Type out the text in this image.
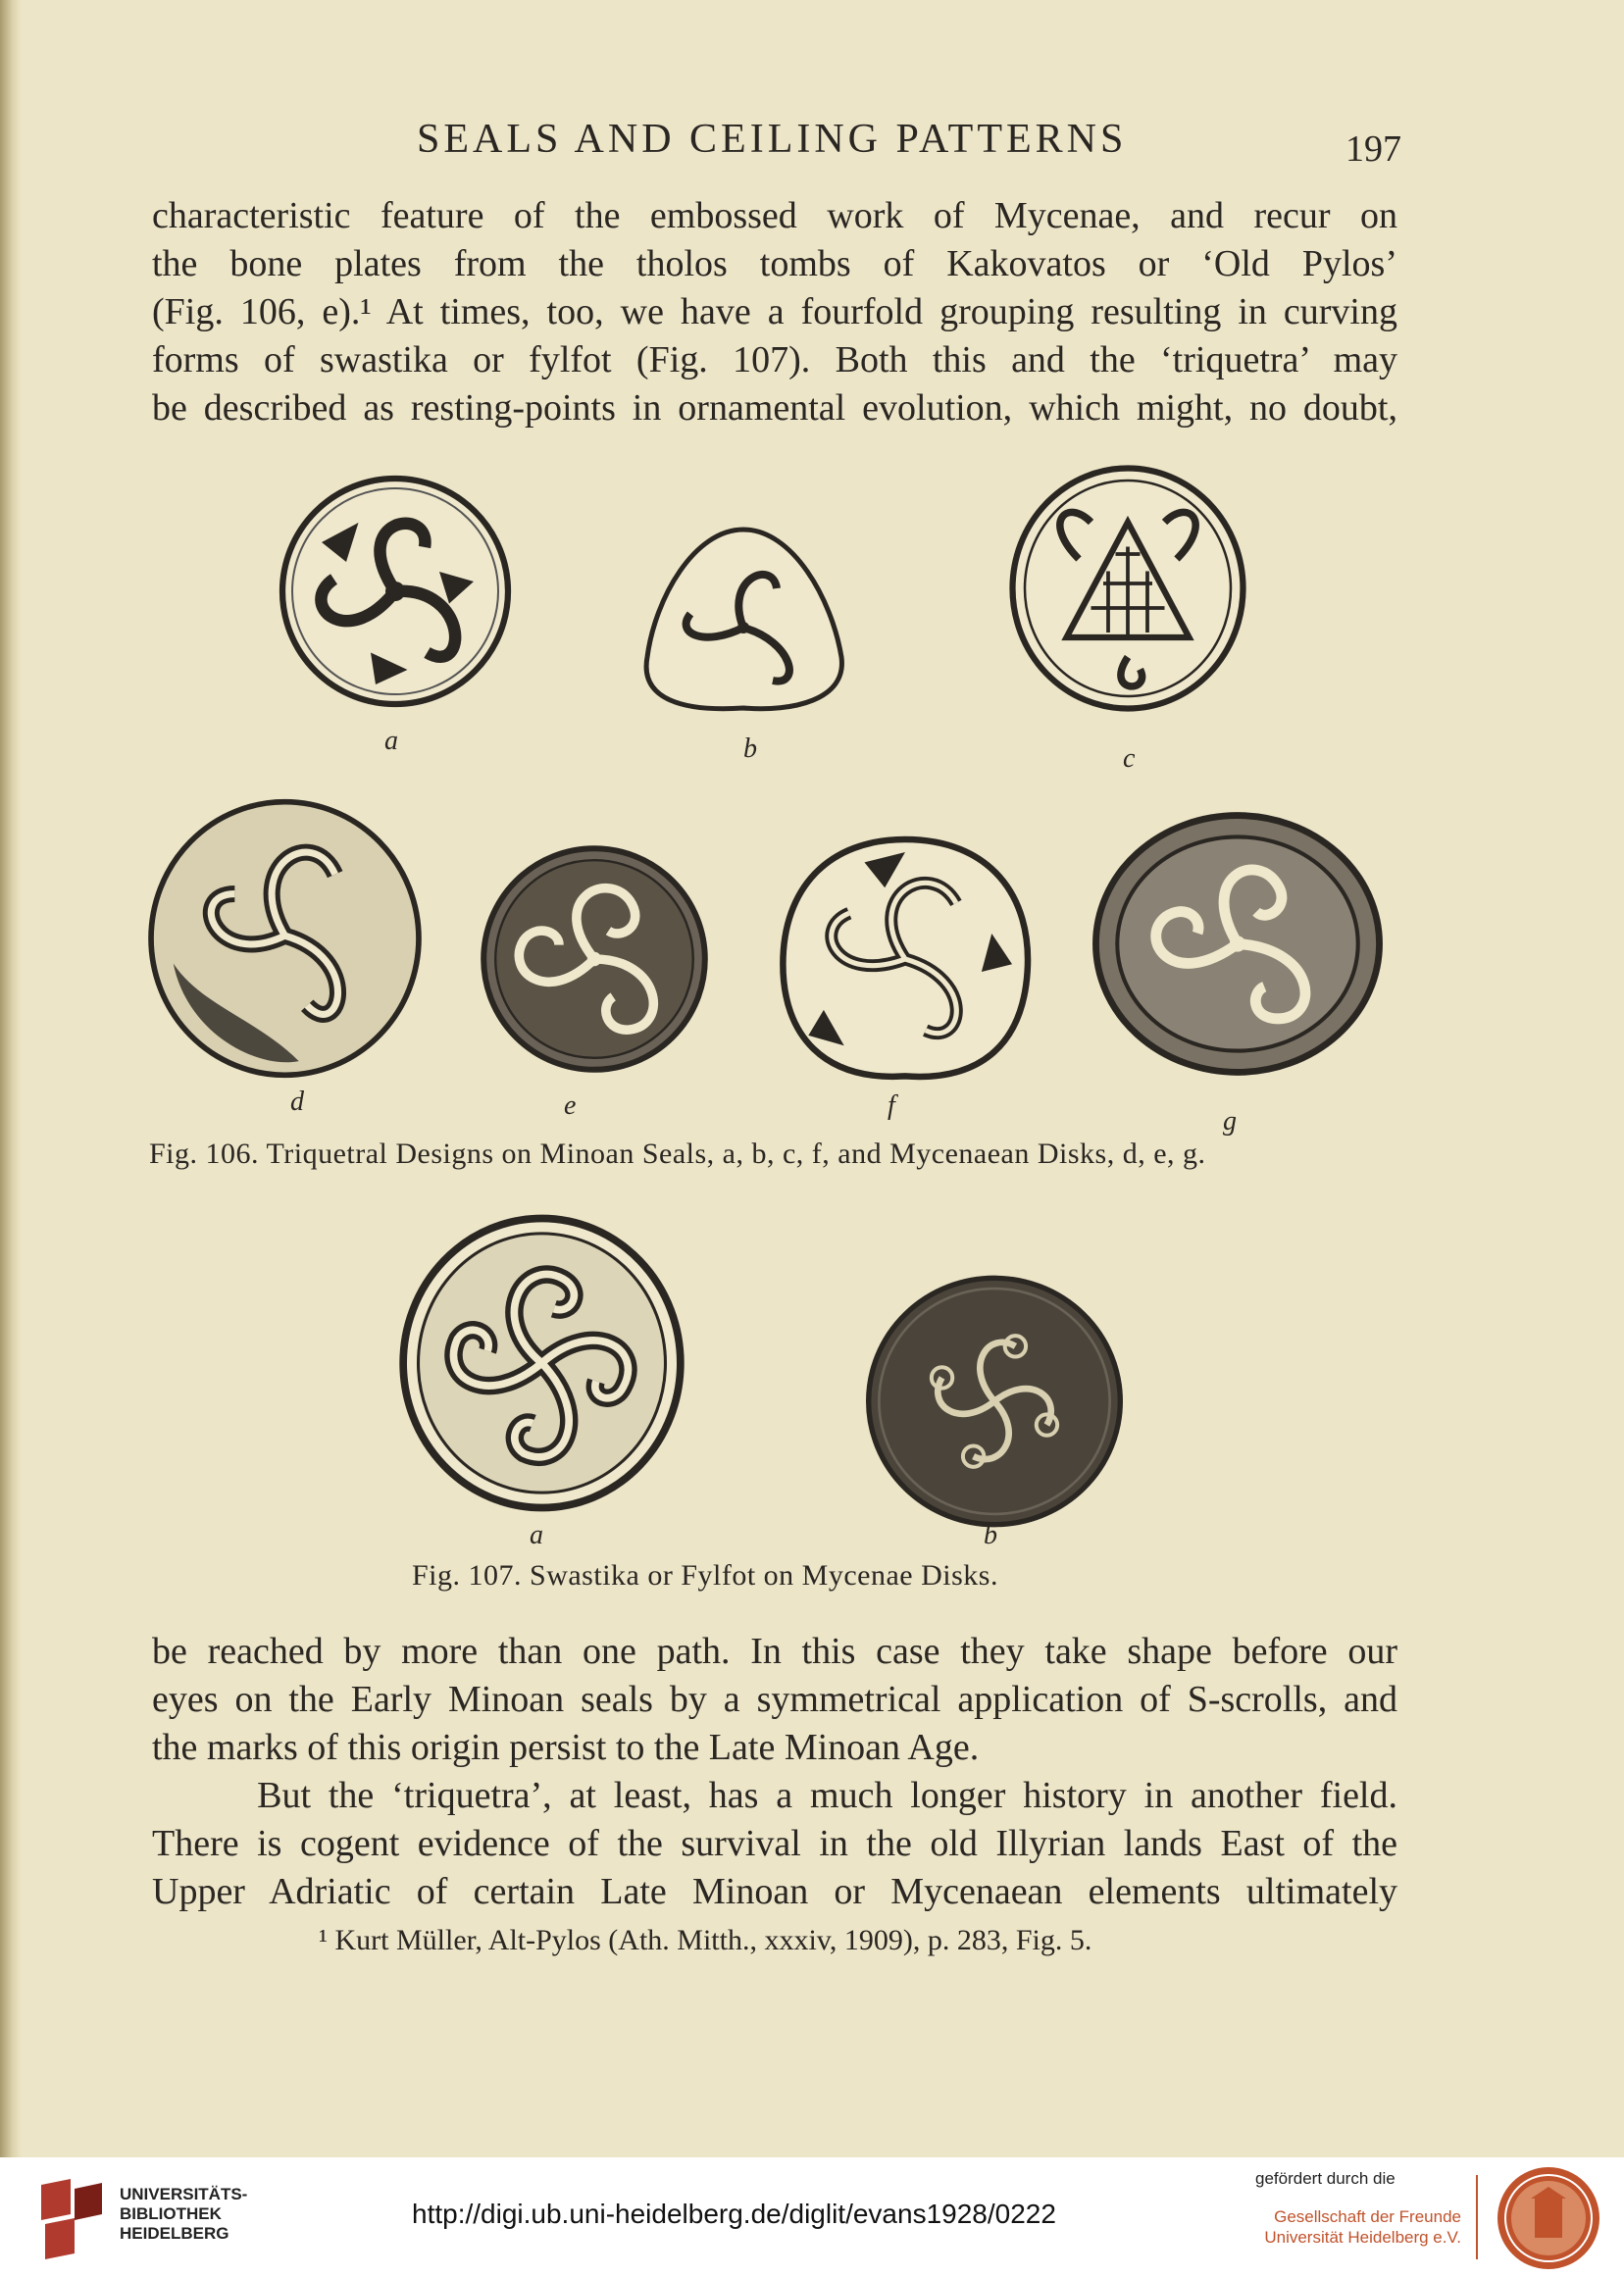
SEALS AND CEILING PATTERNS	197
characteristic feature of the embossed work of Mycenae, and recur on
the bone plates from the tholos tombs of Kakovatos or ‘Old Pylos’
(Fig. 106, e).¹ At times, too, we have a fourfold grouping resulting in curving
forms of swastika or fylfot (Fig. 107). Both this and the ‘triquetra’ may
be described as resting-points in ornamental evolution, which might, no doubt,
a	b	c
d	e	f
g
Fig. 106. Triquetral Designs on Minoan Seals, a, b, c, f, and Mycenaean Disks, d, e, g.
a	b
Fig. 107. Swastika or Fylfot on Mycenae Disks.
be reached by more than one path. In this case they take shape before our
eyes on the Early Minoan seals by a symmetrical application of S-scrolls, and
the marks of this origin persist to the Late Minoan Age.
But the ‘triquetra’, at least, has a much longer history in another field.
There is cogent evidence of the survival in the old Illyrian lands East of the
Upper Adriatic of certain Late Minoan or Mycenaean elements ultimately
¹ Kurt Müller, Alt-Pylos (Ath. Mitth., xxxiv, 1909), p. 283, Fig. 5.
UNIVERSITÄTS-
BIBLIOTHEK
HEIDELBERG
http://digi.ub.uni-heidelberg.de/diglit/evans1928/0222
gefördert durch die
Gesellschaft der Freunde
Universität Heidelberg e.V.
